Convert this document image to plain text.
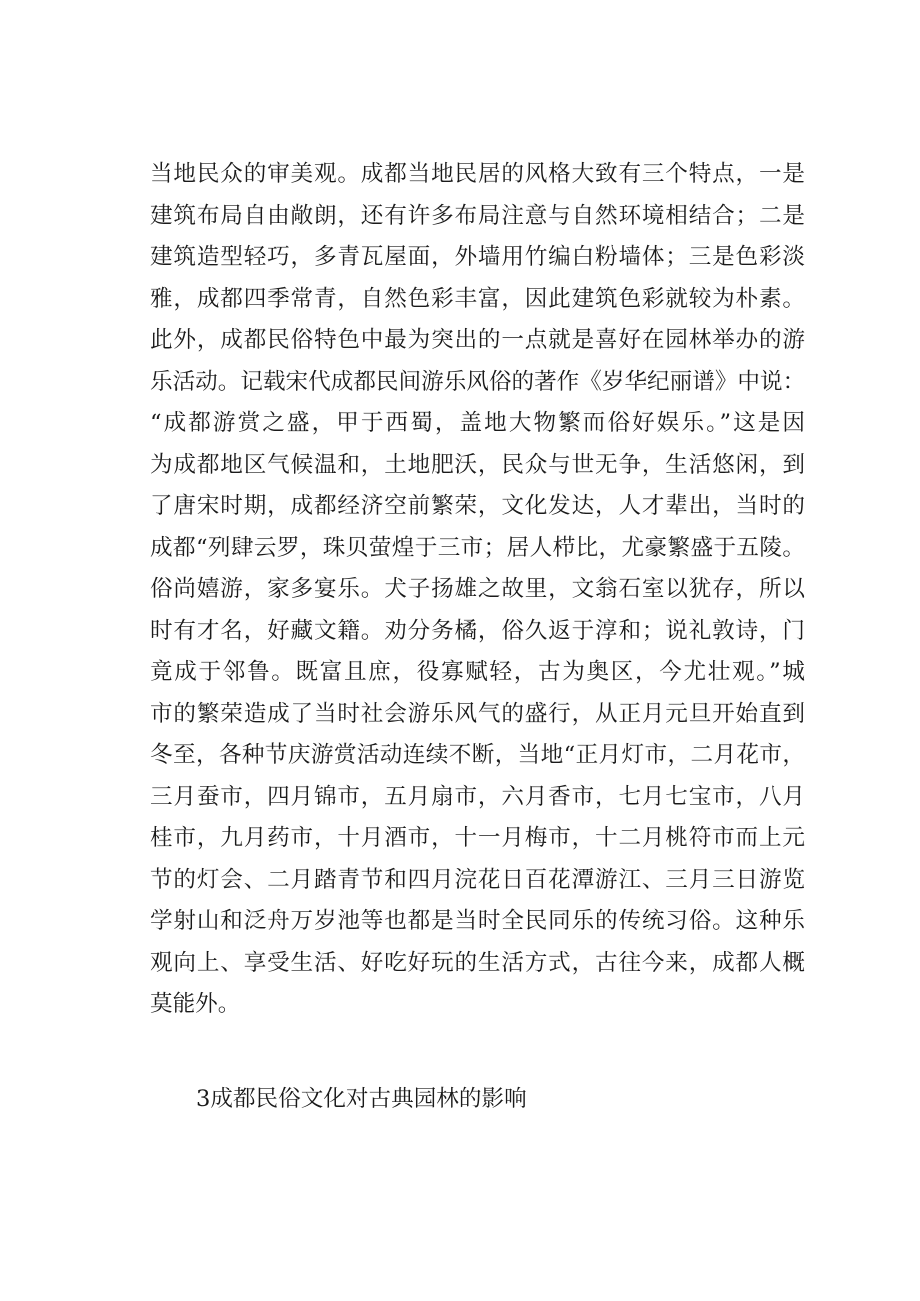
当地民众的审美观。成都当地民居的风格大致有三个特点，一是
建筑布局自由敞朗，还有许多布局注意与自然环境相结合；二是
建筑造型轻巧，多青瓦屋面，外墙用竹编白粉墙体；三是色彩淡
雅，成都四季常青，自然色彩丰富，因此建筑色彩就较为朴素。
此外，成都民俗特色中最为突出的一点就是喜好在园林举办的游
乐活动。记载宋代成都民间游乐风俗的著作《岁华纪丽谱》中说：
“成都游赏之盛，甲于西蜀，盖地大物繁而俗好娱乐。”这是因
为成都地区气候温和，土地肥沃，民众与世无争，生活悠闲，到
了唐宋时期，成都经济空前繁荣，文化发达，人才辈出，当时的
成都“列肆云罗，珠贝萤煌于三市；居人栉比，尤豪繁盛于五陵。
俗尚嬉游，家多宴乐。犬子扬雄之故里，文翁石室以犹存，所以
时有才名，好藏文籍。劝分务橘，俗久返于淳和；说礼敦诗，门
竟成于邻鲁。既富且庶，役寡赋轻，古为奥区，今尤壮观。”城
市的繁荣造成了当时社会游乐风气的盛行，从正月元旦开始直到
冬至，各种节庆游赏活动连续不断，当地“正月灯市，二月花市，
三月蚕市，四月锦市，五月扇市，六月香市，七月七宝市，八月
桂市，九月药市，十月酒市，十一月梅市，十二月桃符市而上元
节的灯会、二月踏青节和四月浣花日百花潭游江、三月三日游览
学射山和泛舟万岁池等也都是当时全民同乐的传统习俗。这种乐
观向上、享受生活、好吃好玩的生活方式，古往今来，成都人概
莫能外。
3成都民俗文化对古典园林的影响
